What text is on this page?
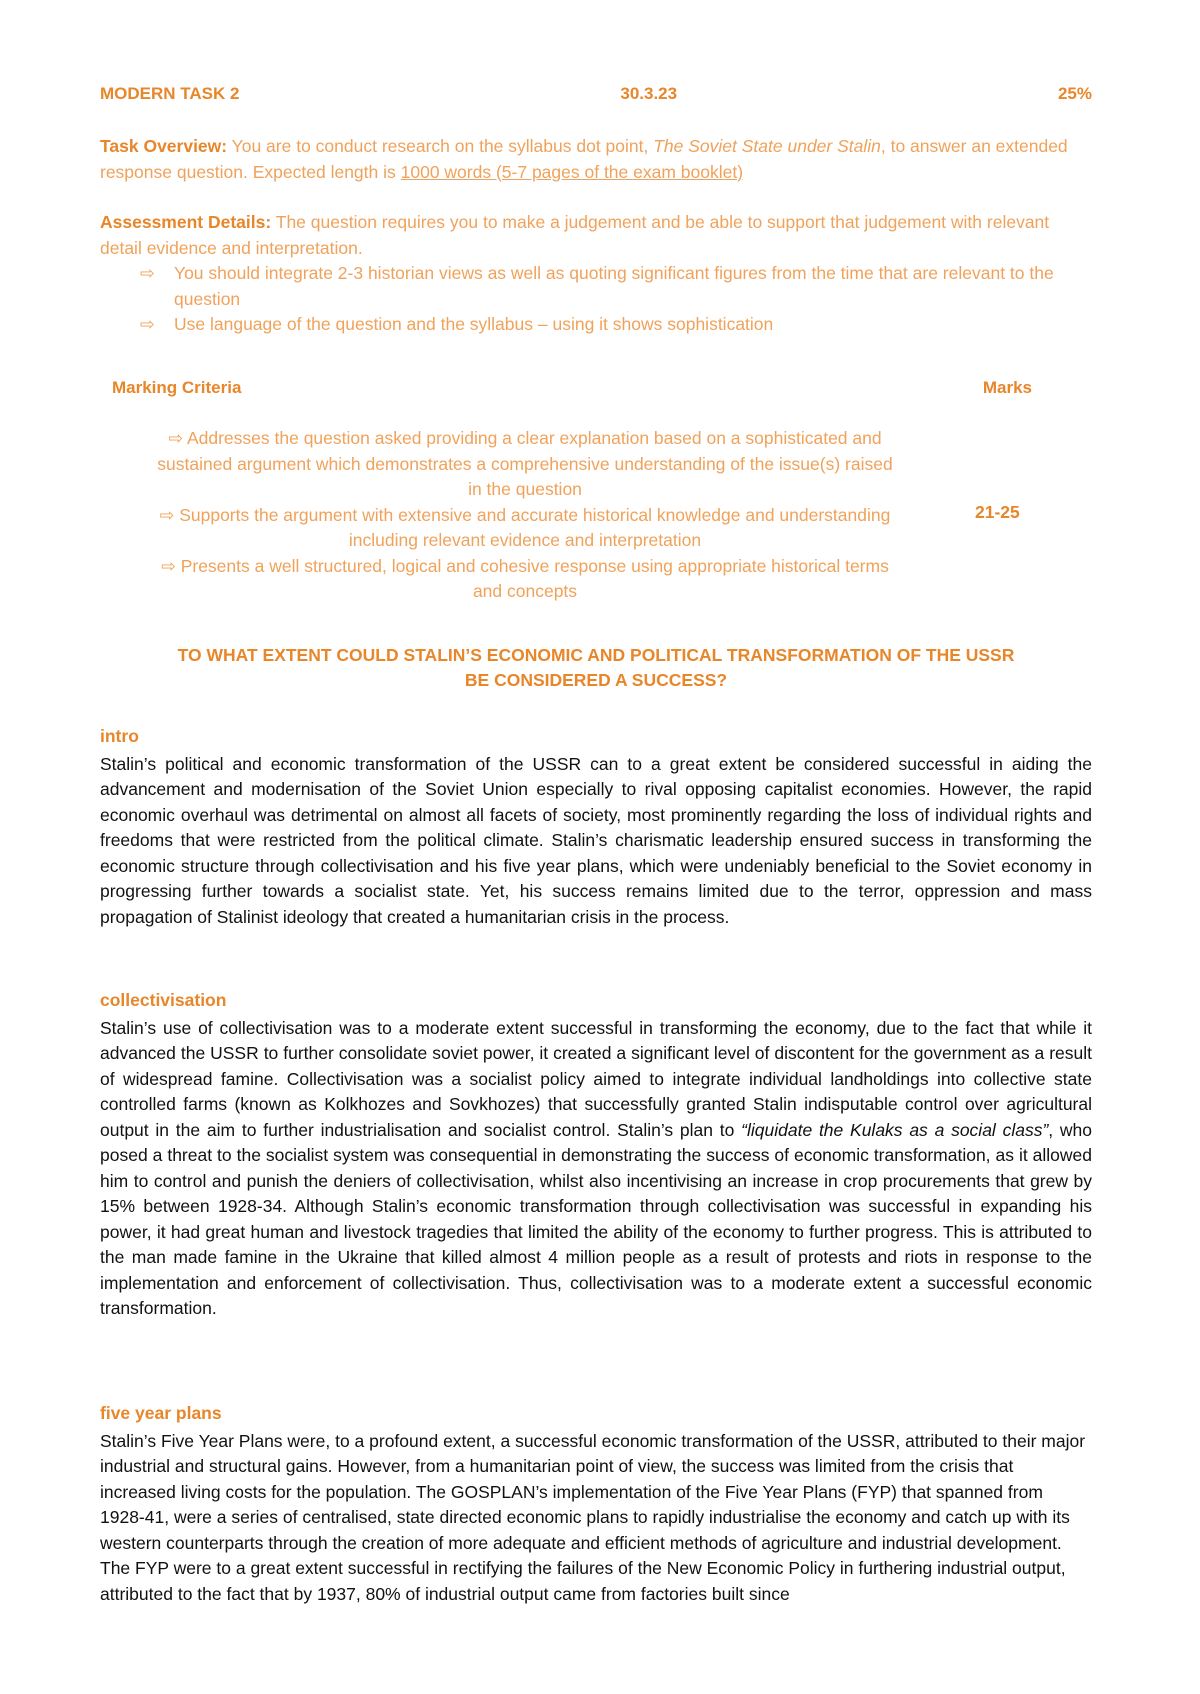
MODERN TASK 2	30.3.23	25%
Task Overview: You are to conduct research on the syllabus dot point, The Soviet State under Stalin, to answer an extended response question. Expected length is 1000 words (5-7 pages of the exam booklet)
Assessment Details: The question requires you to make a judgement and be able to support that judgement with relevant detail evidence and interpretation.
⇨ You should integrate 2-3 historian views as well as quoting significant figures from the time that are relevant to the question
⇨ Use language of the question and the syllabus – using it shows sophistication
Marking Criteria	Marks

⇨ Addresses the question asked providing a clear explanation based on a sophisticated and sustained argument which demonstrates a comprehensive understanding of the issue(s) raised in the question

⇨ Supports the argument with extensive and accurate historical knowledge and understanding including relevant evidence and interpretation

⇨ Presents a well structured, logical and cohesive response using appropriate historical terms and concepts

21-25
TO WHAT EXTENT COULD STALIN’S ECONOMIC AND POLITICAL TRANSFORMATION OF THE USSR
BE CONSIDERED A SUCCESS?

intro

Stalin’s political and economic transformation of the USSR can to a great extent be considered successful in aiding the advancement and modernisation of the Soviet Union especially to rival opposing capitalist economies. However, the rapid economic overhaul was detrimental on almost all facets of society, most prominently regarding the loss of individual rights and freedoms that were restricted from the political climate. Stalin’s charismatic leadership ensured success in transforming the economic structure through collectivisation and his five year plans, which were undeniably beneficial to the Soviet economy in progressing further towards a socialist state. Yet, his success remains limited due to the terror, oppression and mass propagation of Stalinist ideology that created a humanitarian crisis in the process.

collectivisation

Stalin’s use of collectivisation was to a moderate extent successful in transforming the economy, due to the fact that while it advanced the USSR to further consolidate soviet power, it created a significant level of discontent for the government as a result of widespread famine. Collectivisation was a socialist policy aimed to integrate individual landholdings into collective state controlled farms (known as Kolkhozes and Sovkhozes) that successfully granted Stalin indisputable control over agricultural output in the aim to further industrialisation and socialist control. Stalin’s plan to “liquidate the Kulaks as a social class”, who posed a threat to the socialist system was consequential in demonstrating the success of economic transformation, as it allowed him to control and punish the deniers of collectivisation, whilst also incentivising an increase in crop procurements that grew by 15% between 1928-34. Although Stalin’s economic transformation through collectivisation was successful in expanding his power, it had great human and livestock tragedies that limited the ability of the economy to further progress. This is attributed to the man made famine in the Ukraine that killed almost 4 million people as a result of protests and riots in response to the implementation and enforcement of collectivisation. Thus, collectivisation was to a moderate extent a successful economic transformation.

five year plans

Stalin’s Five Year Plans were, to a profound extent, a successful economic transformation of the USSR, attributed to their major industrial and structural gains. However, from a humanitarian point of view, the success was limited from the crisis that increased living costs for the population. The GOSPLAN’s implementation of the Five Year Plans (FYP) that spanned from 1928-41, were a series of centralised, state directed economic plans to rapidly industrialise the economy and catch up with its western counterparts through the creation of more adequate and efficient methods of agriculture and industrial development. The FYP were to a great extent successful in rectifying the failures of the New Economic Policy in furthering industrial output, attributed to the fact that by 1937, 80% of industrial output came from factories built since
